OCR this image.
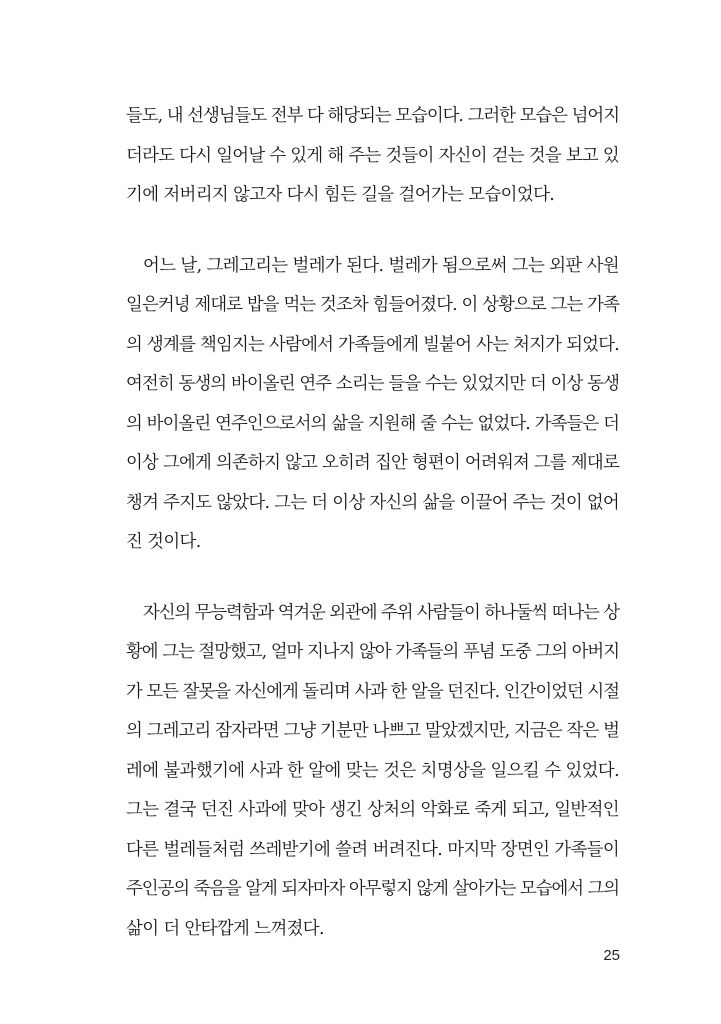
들도, 내 선생님들도 전부 다 해당되는 모습이다. 그러한 모습은 넘어지
더라도 다시 일어날 수 있게 해 주는 것들이 자신이 걷는 것을 보고 있
기에 저버리지 않고자 다시 힘든 길을 걸어가는 모습이었다.
어느 날, 그레고리는 벌레가 된다. 벌레가 됨으로써 그는 외판 사원
일은커녕 제대로 밥을 먹는 것조차 힘들어졌다. 이 상황으로 그는 가족
의 생계를 책임지는 사람에서 가족들에게 빌붙어 사는 처지가 되었다.
여전히 동생의 바이올린 연주 소리는 들을 수는 있었지만 더 이상 동생
의 바이올린 연주인으로서의 삶을 지원해 줄 수는 없었다. 가족들은 더
이상 그에게 의존하지 않고 오히려 집안 형편이 어려워져 그를 제대로
챙겨 주지도 않았다. 그는 더 이상 자신의 삶을 이끌어 주는 것이 없어
진 것이다.
자신의 무능력함과 역겨운 외관에 주위 사람들이 하나둘씩 떠나는 상
황에 그는 절망했고, 얼마 지나지 않아 가족들의 푸념 도중 그의 아버지
가 모든 잘못을 자신에게 돌리며 사과 한 알을 던진다. 인간이었던 시절
의 그레고리 잠자라면 그냥 기분만 나쁘고 말았겠지만, 지금은 작은 벌
레에 불과했기에 사과 한 알에 맞는 것은 치명상을 일으킬 수 있었다.
그는 결국 던진 사과에 맞아 생긴 상처의 악화로 죽게 되고, 일반적인
다른 벌레들처럼 쓰레받기에 쓸려 버려진다. 마지막 장면인 가족들이
주인공의 죽음을 알게 되자마자 아무렇지 않게 살아가는 모습에서 그의
삶이 더 안타깝게 느껴졌다.
25
